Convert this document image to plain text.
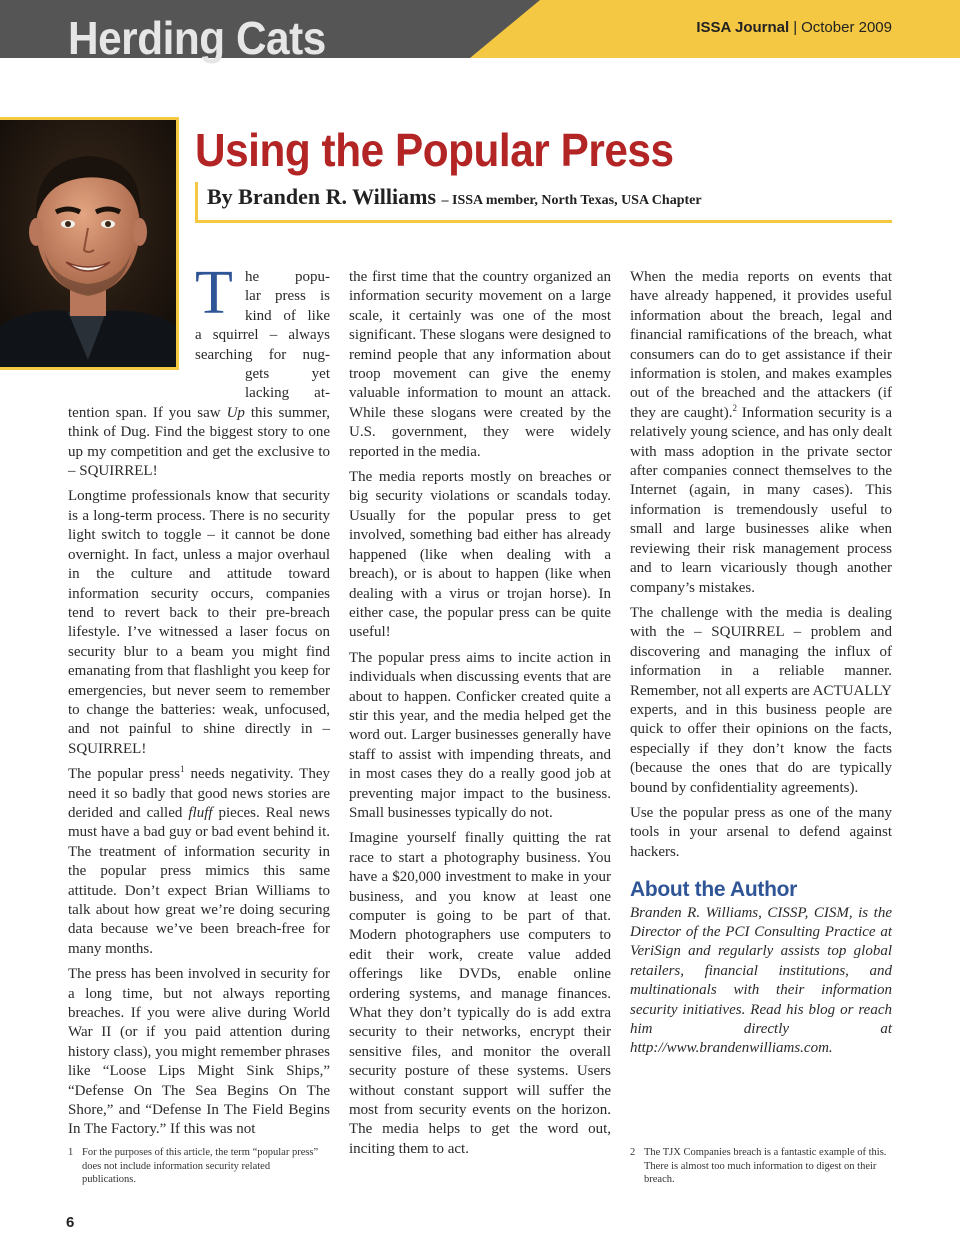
Herding Cats	ISSA Journal | October 2009
Using the Popular Press
By Branden R. Williams – ISSA member, North Texas, USA Chapter
T he popu-

lar press is

kind of like

a squirrel – always

searching for nug-

gets yet lacking at-

tention span. If you saw Up this summer, think of Dug. Find the biggest story to one up my competition and get the exclusive to – SQUIRREL!

Longtime professionals know that security is a long-term process. There is no security light switch to toggle – it cannot be done overnight. In fact, unless a major overhaul in the culture and attitude toward information security occurs, companies tend to revert back to their pre-breach lifestyle. I’ve witnessed a laser focus on security blur to a beam you might find emanating from that flashlight you keep for emergencies, but never seem to remember to change the batteries: weak, unfocused, and not painful to shine directly in – SQUIRREL!

The popular press$^1$ needs negativity. They need it so badly that good news stories are derided and called fluff pieces. Real news must have a bad guy or bad event behind it. The treatment of information security in the popular press mimics this same attitude. Don’t expect Brian Williams to talk about how great we’re doing securing data because we’ve been breach-free for many months.

The press has been involved in security for a long time, but not always reporting breaches. If you were alive during World War II (or if you paid attention during history class), you might remember phrases like “Loose Lips Might Sink Ships,” “Defense On The Sea Begins On The Shore,” and “Defense In The Field Begins In The Factory.” If this was not

the first time that the country organized an information security movement on a large scale, it certainly was one of the most significant. These slogans were designed to remind people that any information about troop movement can give the enemy valuable information to mount an attack. While these slogans were created by the U.S. government, they were widely reported in the media.

The media reports mostly on breaches or big security violations or scandals today. Usually for the popular press to get involved, something bad either has already happened (like when dealing with a breach), or is about to happen (like when dealing with a virus or trojan horse). In either case, the popular press can be quite useful!

The popular press aims to incite action in individuals when discussing events that are about to happen. Conficker created quite a stir this year, and the media helped get the word out. Larger businesses generally have staff to assist with impending threats, and in most cases they do a really good job at preventing major impact to the business. Small businesses typically do not.

Imagine yourself finally quitting the rat race to start a photography business. You have a $20,000 investment to make in your business, and you know at least one computer is going to be part of that. Modern photographers use computers to edit their work, create value added offerings like DVDs, enable online ordering systems, and manage finances. What they don’t typically do is add extra security to their networks, encrypt their sensitive files, and monitor the overall security posture of these systems. Users without constant support will suffer the most from security events on the horizon. The media helps to get the word out, inciting them to act.

When the media reports on events that have already happened, it provides useful information about the breach, legal and financial ramifications of the breach, what consumers can do to get assistance if their information is stolen, and makes examples out of the breached and the attackers (if they are caught).$^2$ Information security is a relatively young science, and has only dealt with mass adoption in the private sector after companies connect themselves to the Internet (again, in many cases). This information is tremendously useful to small and large businesses alike when reviewing their risk management process and to learn vicariously though another company’s mistakes.

The challenge with the media is dealing with the – SQUIRREL – problem and discovering and managing the influx of information in a reliable manner. Remember, not all experts are ACTUALLY experts, and in this business people are quick to offer their opinions on the facts, especially if they don’t know the facts (because the ones that do are typically bound by confidentiality agreements).

Use the popular press as one of the many tools in your arsenal to defend against hackers.

About the Author
Branden R. Williams, CISSP, CISM, is the Director of the PCI Consulting Practice at VeriSign and regularly assists top global retailers, financial institutions, and multinationals with their information security initiatives. Read his blog or reach him directly at http://www.brandenwilliams.com.
1 For the purposes of this article, the term “popular press” does not include information security related publications.
2 The TJX Companies breach is a fantastic example of this. There is almost too much information to digest on their breach.
6
